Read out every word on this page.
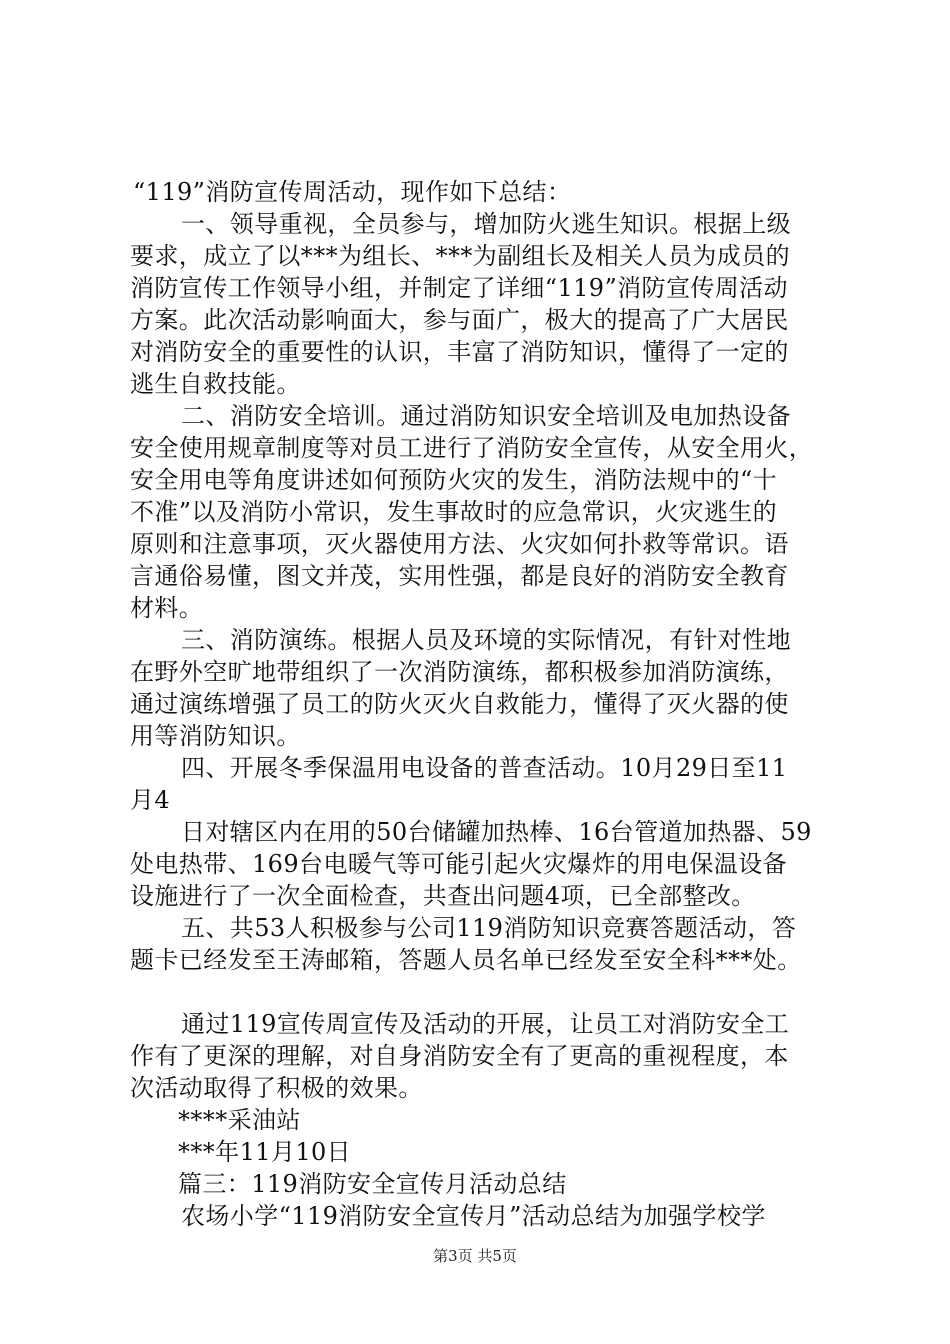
“119”消防宣传周活动，现作如下总结：
一、领导重视，全员参与，增加防火逃生知识。根据上级
要求，成立了以***为组长、***为副组长及相关人员为成员的
消防宣传工作领导小组，并制定了详细“119”消防宣传周活动
方案。此次活动影响面大，参与面广，极大的提高了广大居民
对消防安全的重要性的认识，丰富了消防知识，懂得了一定的
逃生自救技能。
二、消防安全培训。通过消防知识安全培训及电加热设备
安全使用规章制度等对员工进行了消防安全宣传，从安全用火，
安全用电等角度讲述如何预防火灾的发生，消防法规中的“十
不准”以及消防小常识，发生事故时的应急常识，火灾逃生的
原则和注意事项，灭火器使用方法、火灾如何扑救等常识。语
言通俗易懂，图文并茂，实用性强，都是良好的消防安全教育
材料。
三、消防演练。根据人员及环境的实际情况，有针对性地
在野外空旷地带组织了一次消防演练，都积极参加消防演练，
通过演练增强了员工的防火灭火自救能力，懂得了灭火器的使
用等消防知识。
四、开展冬季保温用电设备的普查活动。10月29日至11
月4
日对辖区内在用的50台储罐加热棒、16台管道加热器、59
处电热带、169台电暖气等可能引起火灾爆炸的用电保温设备
设施进行了一次全面检查，共查出问题4项，已全部整改。
五、共53人积极参与公司119消防知识竞赛答题活动，答
题卡已经发至王涛邮箱，答题人员名单已经发至安全科***处。
通过119宣传周宣传及活动的开展，让员工对消防安全工
作有了更深的理解，对自身消防安全有了更高的重视程度，本
次活动取得了积极的效果。
****采油站
***年11月10日
篇三：119消防安全宣传月活动总结
农场小学“119消防安全宣传月”活动总结为加强学校学
第3页 共5页
